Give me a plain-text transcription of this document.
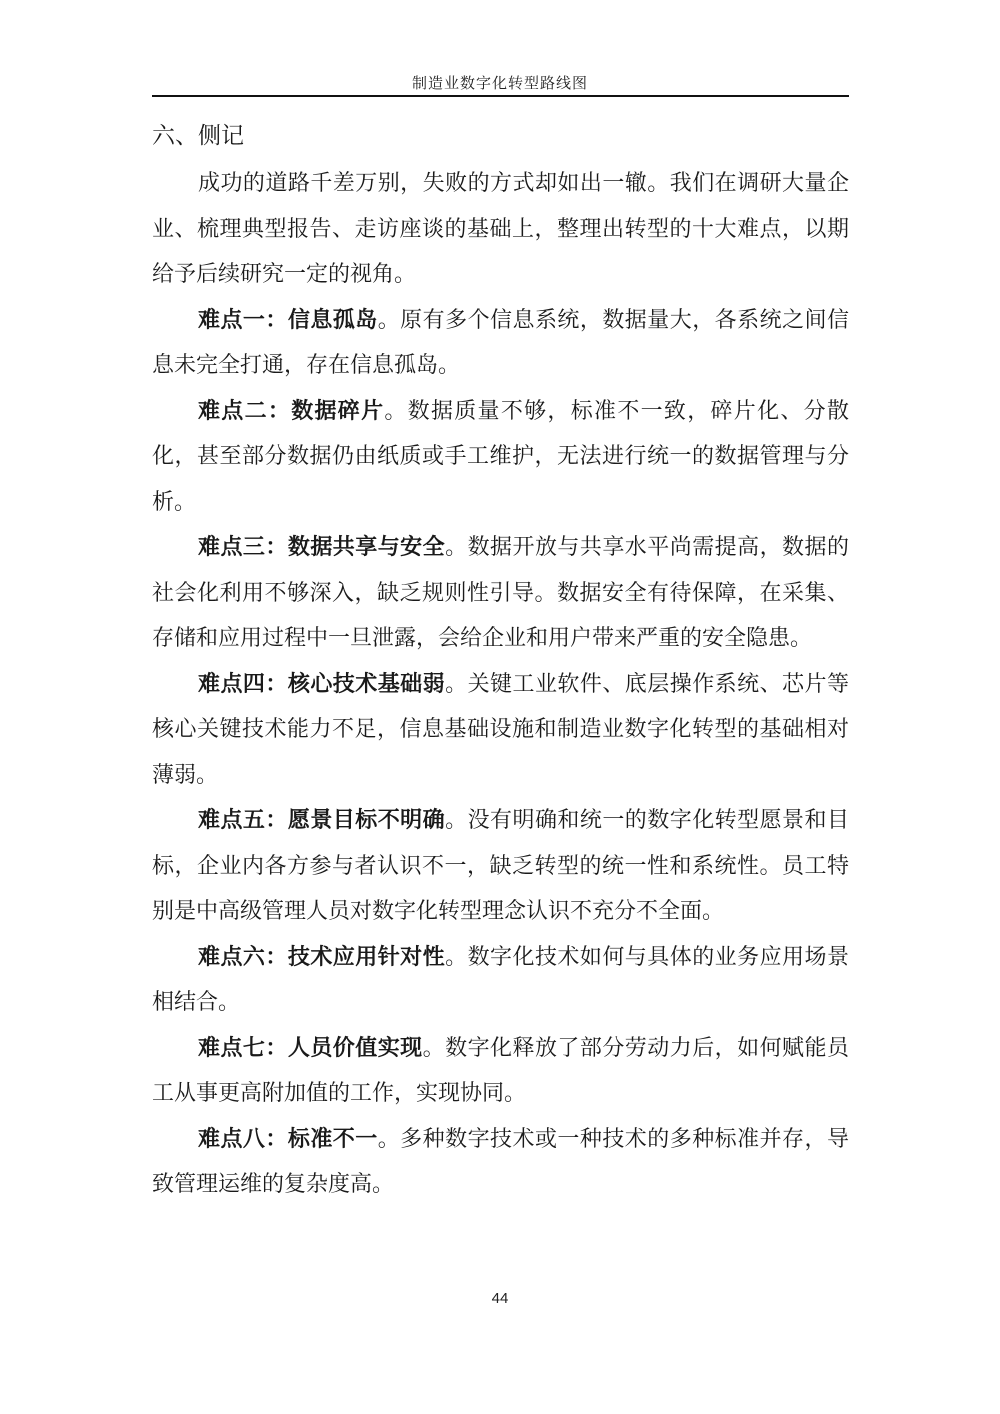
制造业数字化转型路线图
六、侧记

成功的道路千差万别，失败的方式却如出一辙。我们在调研大量企业、梳理典型报告、走访座谈的基础上，整理出转型的十大难点，以期给予后续研究一定的视角。

难点一：信息孤岛。原有多个信息系统，数据量大，各系统之间信息未完全打通，存在信息孤岛。

难点二：数据碎片。数据质量不够，标准不一致，碎片化、分散化，甚至部分数据仍由纸质或手工维护，无法进行统一的数据管理与分析。

难点三：数据共享与安全。数据开放与共享水平尚需提高，数据的社会化利用不够深入，缺乏规则性引导。数据安全有待保障，在采集、存储和应用过程中一旦泄露，会给企业和用户带来严重的安全隐患。

难点四：核心技术基础弱。关键工业软件、底层操作系统、芯片等核心关键技术能力不足，信息基础设施和制造业数字化转型的基础相对薄弱。

难点五：愿景目标不明确。没有明确和统一的数字化转型愿景和目标，企业内各方参与者认识不一，缺乏转型的统一性和系统性。员工特别是中高级管理人员对数字化转型理念认识不充分不全面。

难点六：技术应用针对性。数字化技术如何与具体的业务应用场景相结合。

难点七：人员价值实现。数字化释放了部分劳动力后，如何赋能员工从事更高附加值的工作，实现协同。

难点八：标准不一。多种数字技术或一种技术的多种标准并存，导致管理运维的复杂度高。

44
